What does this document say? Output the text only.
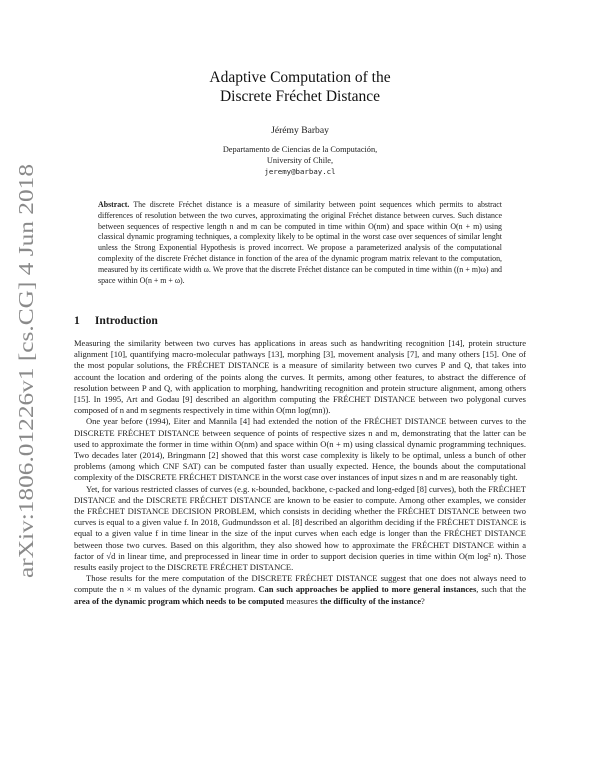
arXiv:1806.01226v1 [cs.CG] 4 Jun 2018
Adaptive Computation of the
Discrete Fréchet Distance
Jérémy Barbay
Departamento de Ciencias de la Computación,
University of Chile,
jeremy@barbay.cl
Abstract. The discrete Fréchet distance is a measure of similarity between point sequences which permits to abstract differences of resolution between the two curves, approximating the original Fréchet distance between curves. Such distance between sequences of respective length n and m can be computed in time within O(nm) and space within O(n + m) using classical dynamic programing techniques, a complexity likely to be optimal in the worst case over sequences of similar lenght unless the Strong Exponential Hypothesis is proved incorrect. We propose a parameterized analysis of the computational complexity of the discrete Fréchet distance in fonction of the area of the dynamic program matrix relevant to the computation, measured by its certificate width ω. We prove that the discrete Fréchet distance can be computed in time within ((n + m)ω) and space within O(n + m + ω).
1 Introduction

Measuring the similarity between two curves has applications in areas such as handwriting recognition [14], protein structure alignment [10], quantifying macro-molecular pathways [13], morphing [3], movement analysis [7], and many others [15]. One of the most popular solutions, the FRÉCHET DISTANCE is a measure of similarity between two curves P and Q, that takes into account the location and ordering of the points along the curves. It permits, among other features, to abstract the difference of resolution between P and Q, with application to morphing, handwriting recognition and protein structure alignment, among others [15]. In 1995, Art and Godau [9] described an algorithm computing the FRÉCHET DISTANCE between two polygonal curves composed of n and m segments respectively in time within O(mn log(mn)).

One year before (1994), Eiter and Mannila [4] had extended the notion of the FRÉCHET DISTANCE between curves to the DISCRETE FRÉCHET DISTANCE between sequence of points of respective sizes n and m, demonstrating that the latter can be used to approximate the former in time within O(nm) and space within O(n + m) using classical dynamic programming techniques. Two decades later (2014), Bringmann [2] showed that this worst case complexity is likely to be optimal, unless a bunch of other problems (among which CNF SAT) can be computed faster than usually expected. Hence, the bounds about the computational complexity of the DISCRETE FRÉCHET DISTANCE in the worst case over instances of input sizes n and m are reasonably tight.

Yet, for various restricted classes of curves (e.g. κ-bounded, backbone, c-packed and long-edged [8] curves), both the FRÉCHET DISTANCE and the DISCRETE FRÉCHET DISTANCE are known to be easier to compute. Among other examples, we consider the FRÉCHET DISTANCE DECISION PROBLEM, which consists in deciding whether the FRÉCHET DISTANCE between two curves is equal to a given value f. In 2018, Gudmundsson et al. [8] described an algorithm deciding if the FRÉCHET DISTANCE is equal to a given value f in time linear in the size of the input curves when each edge is longer than the FRÉCHET DISTANCE between those two curves. Based on this algorithm, they also showed how to approximate the FRÉCHET DISTANCE within a factor of √d in linear time, and preprocessed in linear time in order to support decision queries in time within O(m log² n). Those results easily project to the DISCRETE FRÉCHET DISTANCE.

Those results for the mere computation of the DISCRETE FRÉCHET DISTANCE suggest that one does not always need to compute the n × m values of the dynamic program. Can such approaches be applied to more general instances, such that the area of the dynamic program which needs to be computed measures the difficulty of the instance?
